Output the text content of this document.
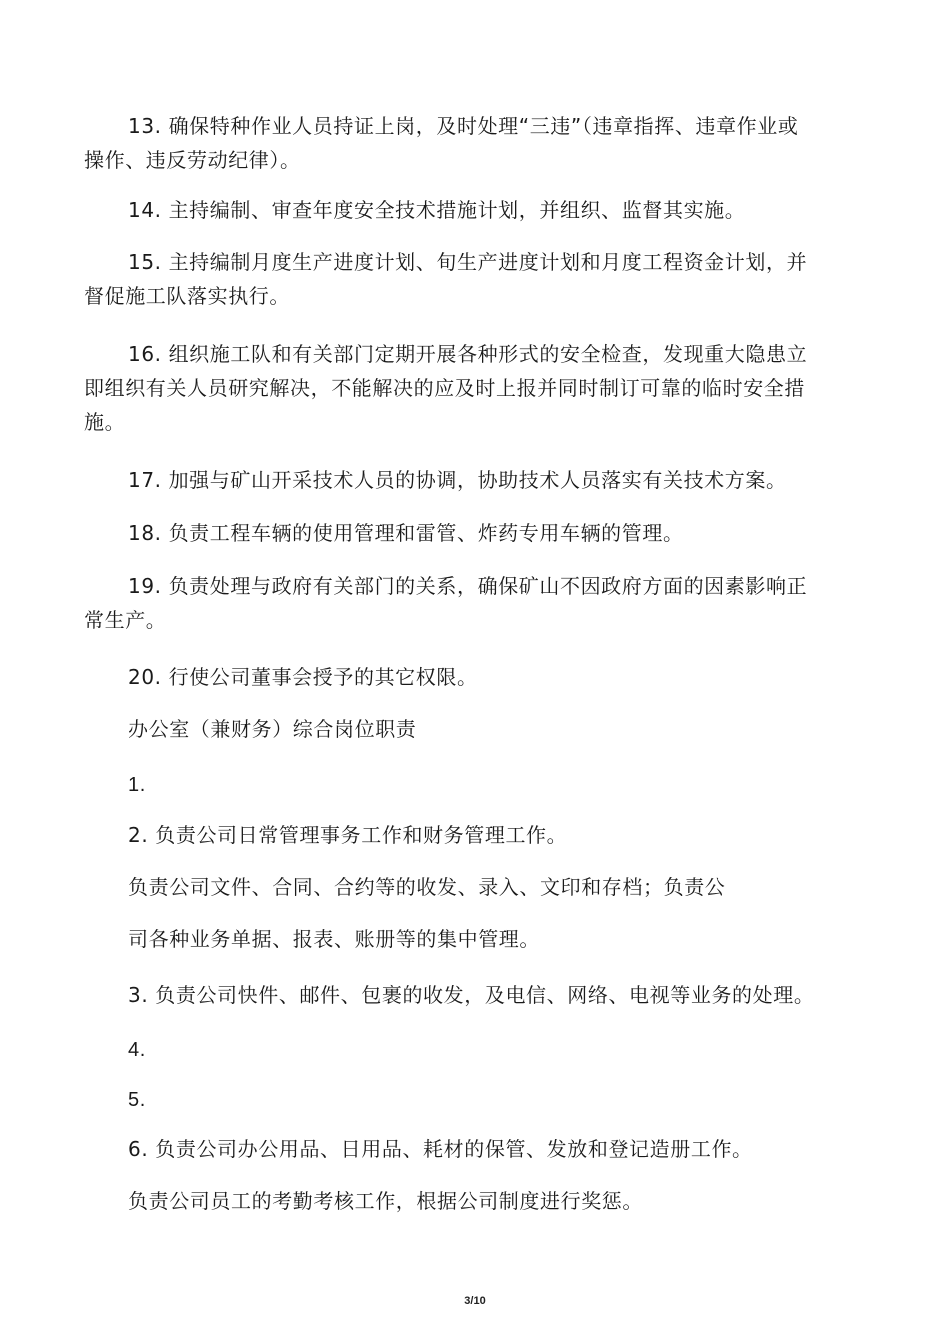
13. 确保特种作业人员持证上岗，及时处理“三违”（违章指挥、违章作业或

操作、违反劳动纪律）。

14. 主持编制、审查年度安全技术措施计划，并组织、监督其实施。

15. 主持编制月度生产进度计划、旬生产进度计划和月度工程资金计划，并

督促施工队落实执行。

16. 组织施工队和有关部门定期开展各种形式的安全检查，发现重大隐患立

即组织有关人员研究解决，不能解决的应及时上报并同时制订可靠的临时安全措

施。

17. 加强与矿山开采技术人员的协调，协助技术人员落实有关技术方案。

18. 负责工程车辆的使用管理和雷管、炸药专用车辆的管理。

19. 负责处理与政府有关部门的关系，确保矿山不因政府方面的因素影响正

常生产。

20. 行使公司董事会授予的其它权限。

办公室（兼财务）综合岗位职责

1.

2. 负责公司日常管理事务工作和财务管理工作。

负责公司文件、合同、合约等的收发、录入、文印和存档；负责公

司各种业务单据、报表、账册等的集中管理。

3. 负责公司快件、邮件、包裹的收发，及电信、网络、电视等业务的处理。

4.

5.

6. 负责公司办公用品、日用品、耗材的保管、发放和登记造册工作。

负责公司员工的考勤考核工作，根据公司制度进行奖惩。

3/10
